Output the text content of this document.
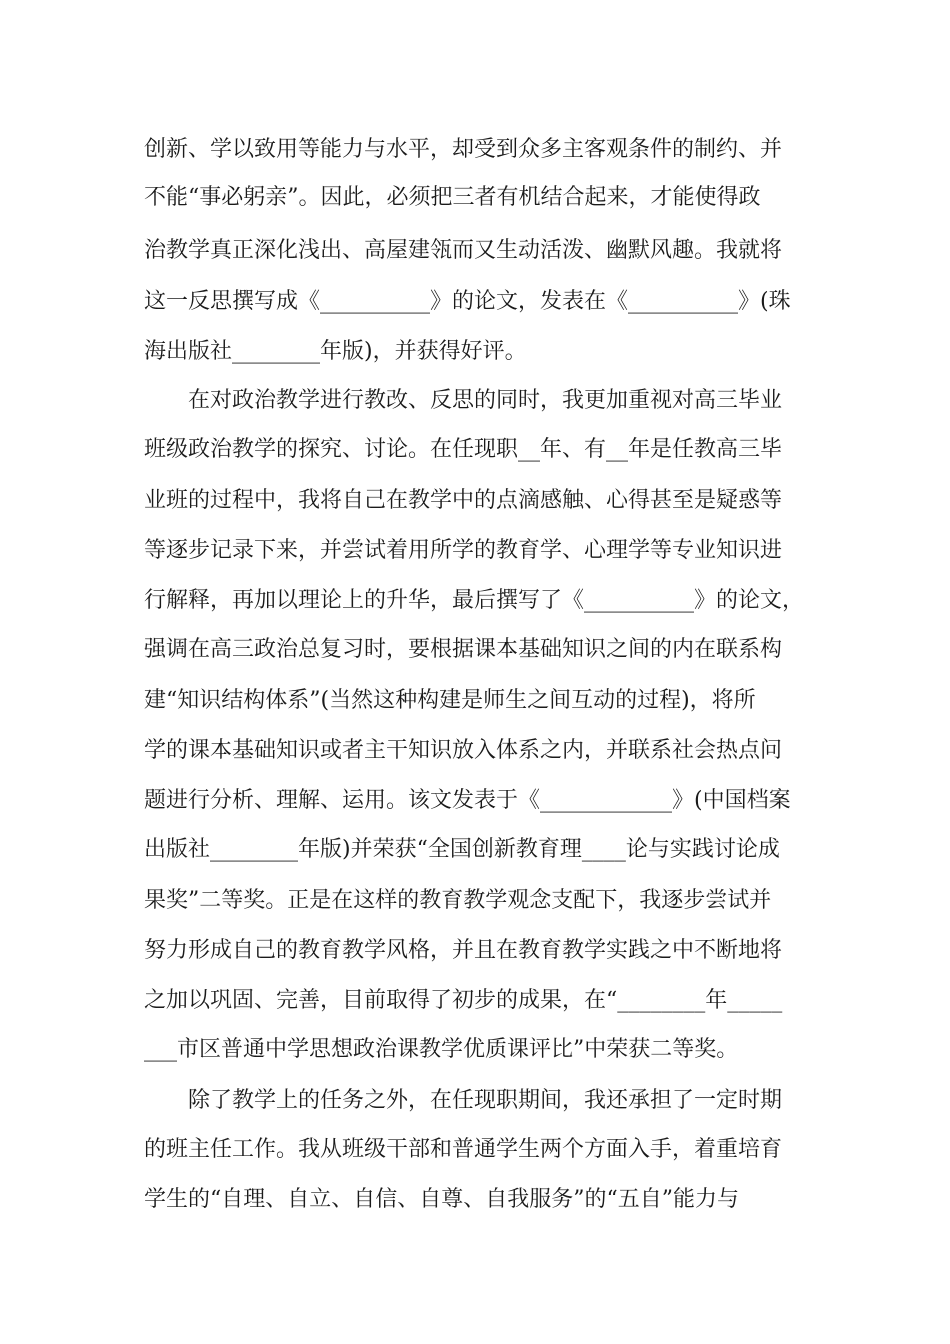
创新、学以致用等能力与水平，却受到众多主客观条件的制约、并
不能“事必躬亲”。因此，必须把三者有机结合起来，才能使得政
治教学真正深化浅出、高屋建瓴而又生动活泼、幽默风趣。我就将
这一反思撰写成《__________》的论文，发表在《__________》(珠
海出版社________年版)，并获得好评。
在对政治教学进行教改、反思的同时，我更加重视对高三毕业
班级政治教学的探究、讨论。在任现职__年、有__年是任教高三毕
业班的过程中，我将自己在教学中的点滴感触、心得甚至是疑惑等
等逐步记录下来，并尝试着用所学的教育学、心理学等专业知识进
行解释，再加以理论上的升华，最后撰写了《__________》的论文，
强调在高三政治总复习时，要根据课本基础知识之间的内在联系构
建“知识结构体系”(当然这种构建是师生之间互动的过程)，将所
学的课本基础知识或者主干知识放入体系之内，并联系社会热点问
题进行分析、理解、运用。该文发表于《____________》(中国档案
出版社________年版)并荣获“全国创新教育理____论与实践讨论成
果奖”二等奖。正是在这样的教育教学观念支配下，我逐步尝试并
努力形成自己的教育教学风格，并且在教育教学实践之中不断地将
之加以巩固、完善，目前取得了初步的成果，在“________年_____
___市区普通中学思想政治课教学优质课评比”中荣获二等奖。
除了教学上的任务之外，在任现职期间，我还承担了一定时期
的班主任工作。我从班级干部和普通学生两个方面入手，着重培育
学生的“自理、自立、自信、自尊、自我服务”的“五自”能力与
